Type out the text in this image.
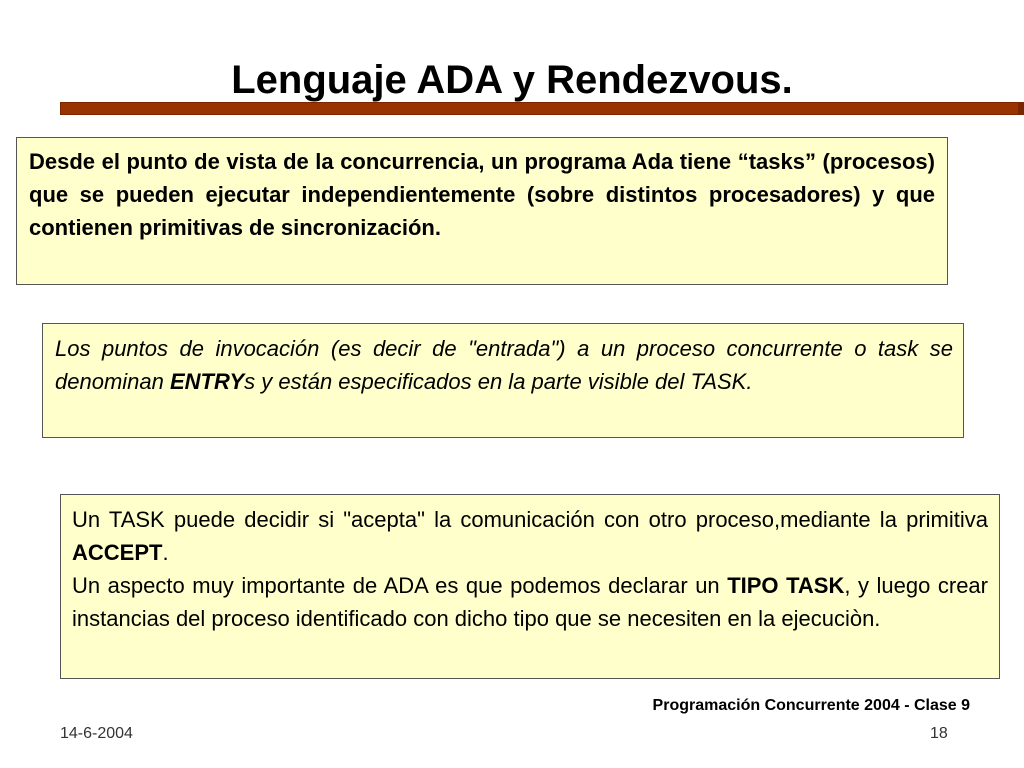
Lenguaje ADA y Rendezvous.
Desde el punto de vista de la concurrencia, un programa Ada tiene “tasks” (procesos) que se pueden ejecutar independientemente (sobre distintos procesadores) y que contienen primitivas de sincronización.
Los puntos de invocación (es decir de "entrada") a un proceso concurrente o task se denominan ENTRYs y están especificados en la parte visible del TASK.

Un TASK puede decidir si "acepta" la comunicación con otro proceso,mediante la primitiva ACCEPT.

Un aspecto muy importante de ADA es que podemos declarar un TIPO TASK, y luego crear instancias del proceso identificado con dicho tipo que se necesiten en la ejecuciòn.

Programación Concurrente 2004 - Clase 9
14-6-2004	18
